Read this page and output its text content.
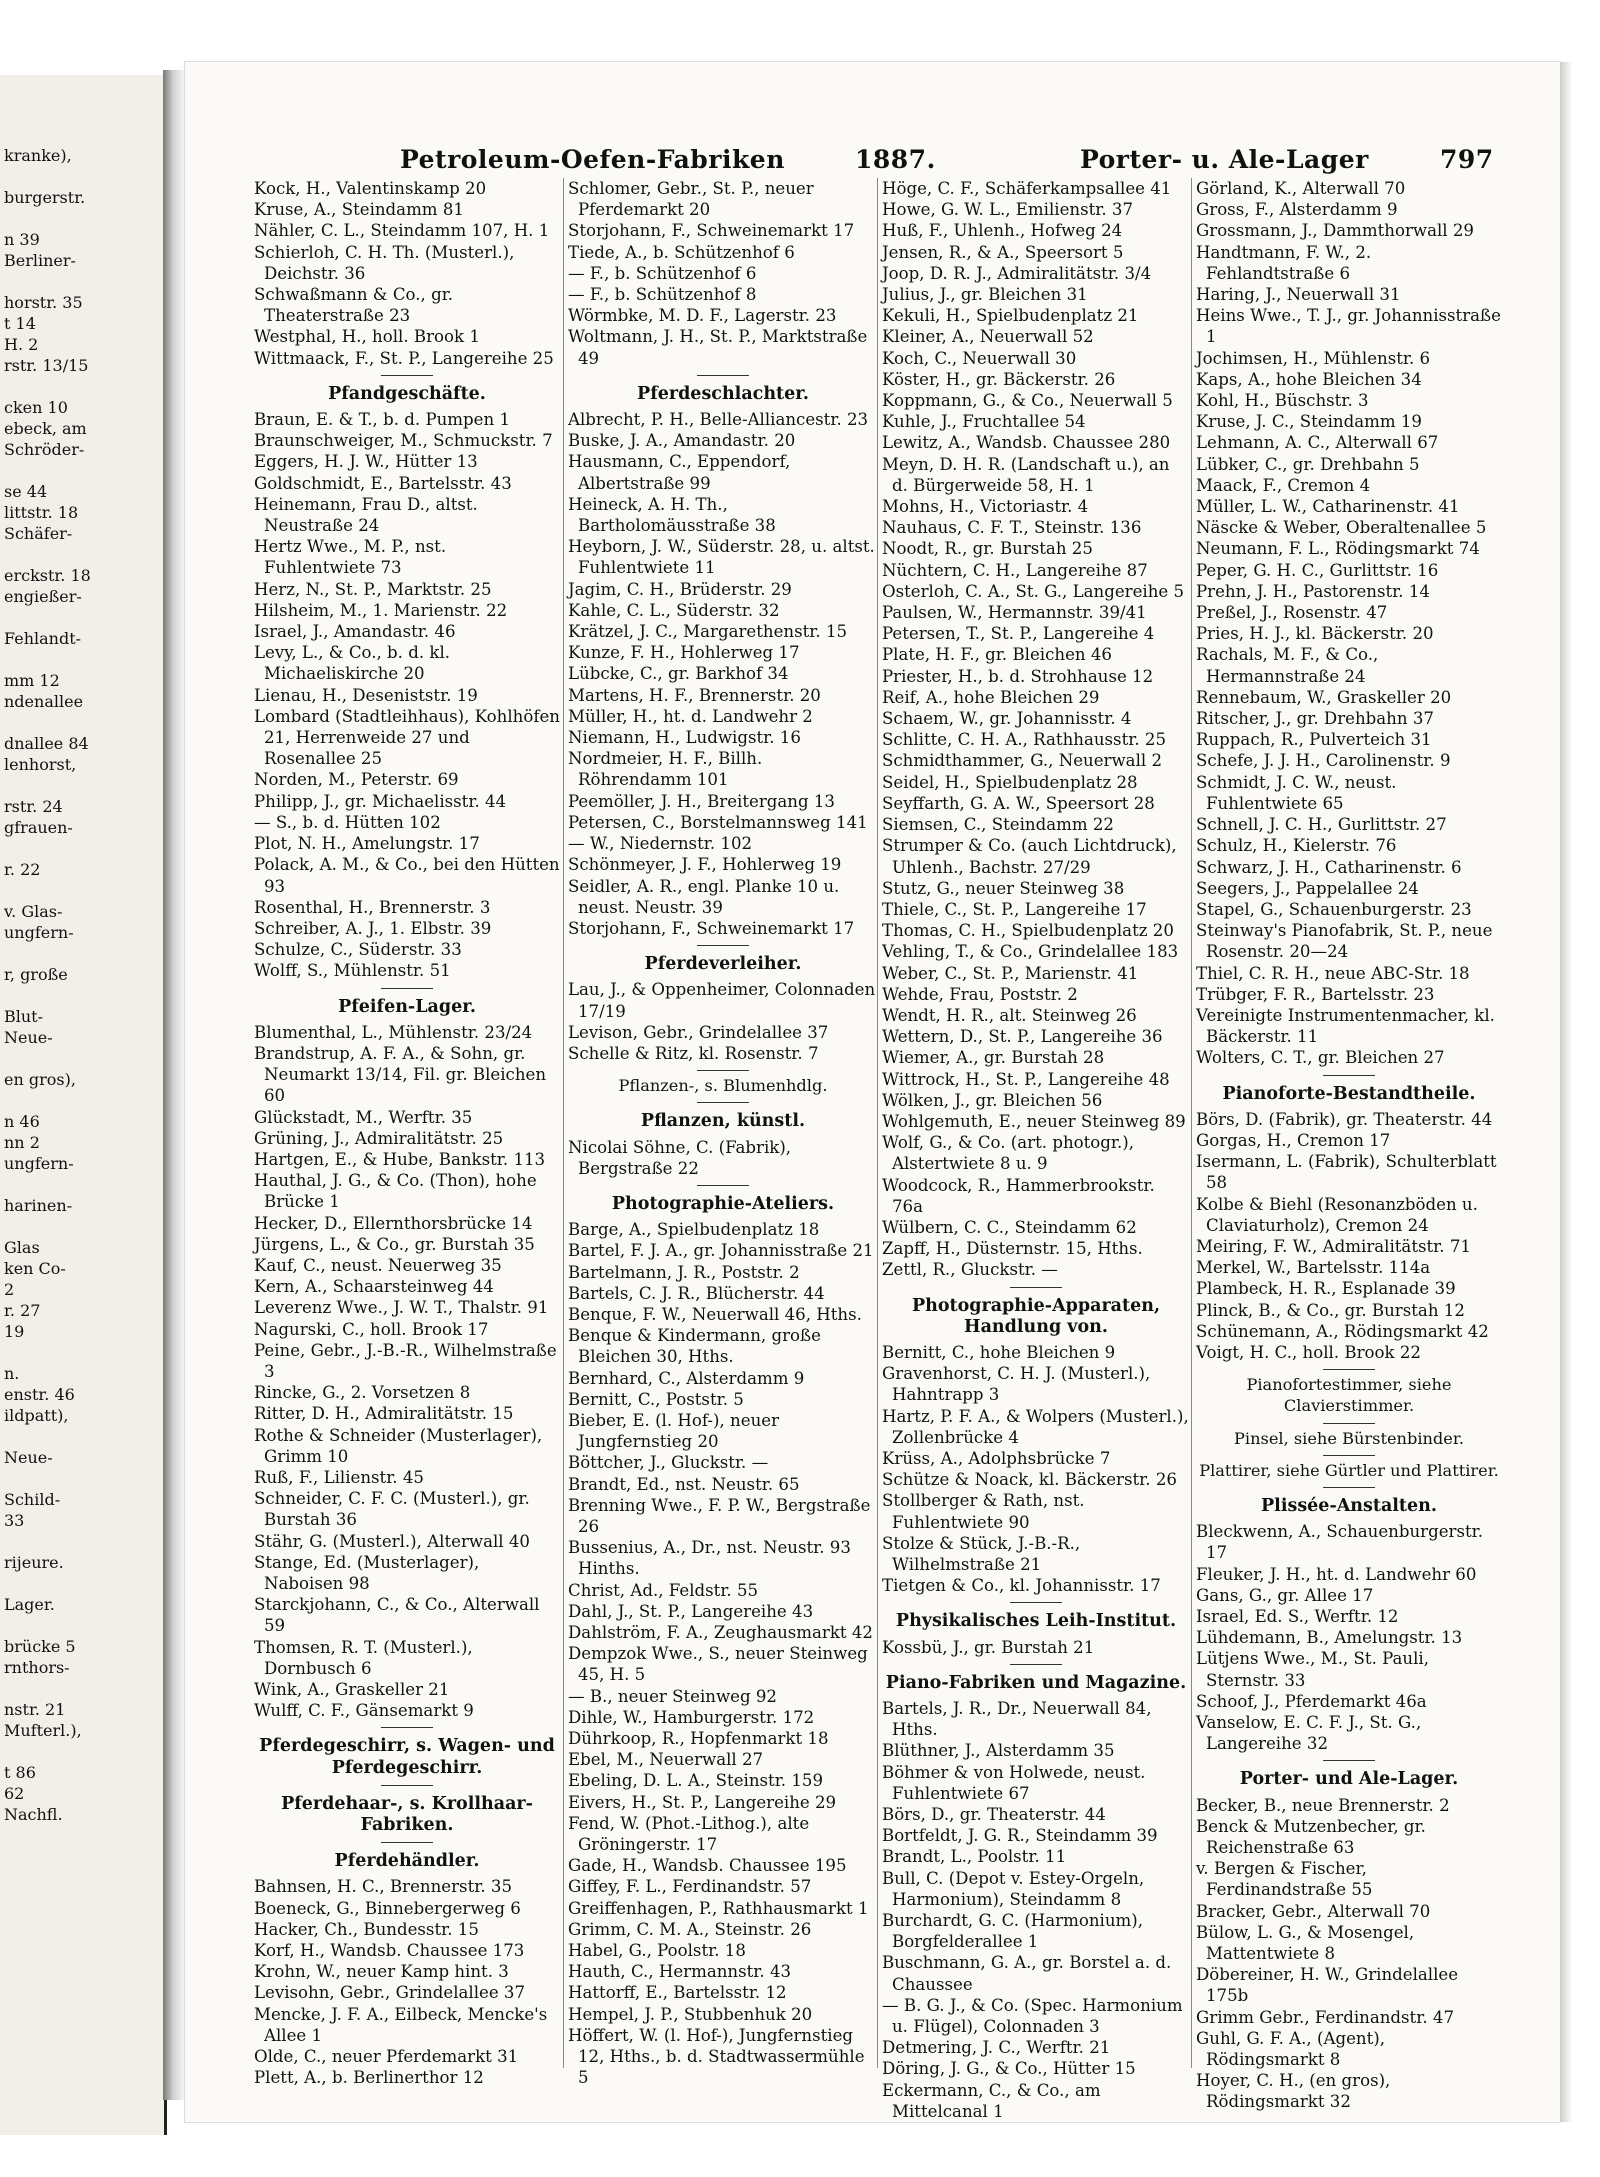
kranke),
burgerstr.
n 39
Berliner-
horstr. 35
t 14
H. 2
rstr. 13/15
cken 10
ebeck, am
Schröder-
se 44
littstr. 18
Schäfer-
erckstr. 18
engießer-
Fehlandt-
mm 12
ndenallee
dnallee 84
lenhorst,
rstr. 24
gfrauen-
r. 22
v. Glas-
ungfern-
r, große
Blut-
Neue-
en gros),
n 46
nn 2
ungfern-
harinen-
Glas
ken Co-
2
r. 27
19
n.
enstr. 46
ildpatt),
Neue-
Schild-
33
rijeure.
Lager.
brücke 5
rnthors-
nstr. 21
Mufterl.),
t 86
62
Nachfl.
Petroleum-Oefen-Fabriken	1887.	Porter- u. Ale-Lager	797
Kock, H., Valentinskamp 20
Kruse, A., Steindamm 81
Nähler, C. L., Steindamm 107, H. 1
Schierloh, C. H. Th. (Musterl.), Deichstr. 36
Schwaßmann & Co., gr. Theaterstraße 23
Westphal, H., holl. Brook 1
Wittmaack, F., St. P., Langereihe 25
Pfandgeschäfte.
Braun, E. & T., b. d. Pumpen 1
Braunschweiger, M., Schmuckstr. 7
Eggers, H. J. W., Hütter 13
Goldschmidt, E., Bartelsstr. 43
Heinemann, Frau D., altst. Neustraße 24
Hertz Wwe., M. P., nst. Fuhlentwiete 73
Herz, N., St. P., Marktstr. 25
Hilsheim, M., 1. Marienstr. 22
Israel, J., Amandastr. 46
Levy, L., & Co., b. d. kl. Michaeliskirche 20
Lienau, H., Deseniststr. 19
Lombard (Stadtleihhaus), Kohlhöfen 21, Herrenweide 27 und Rosenallee 25
Norden, M., Peterstr. 69
Philipp, J., gr. Michaelisstr. 44
— S., b. d. Hütten 102
Plot, N. H., Amelungstr. 17
Polack, A. M., & Co., bei den Hütten 93
Rosenthal, H., Brennerstr. 3
Schreiber, A. J., 1. Elbstr. 39
Schulze, C., Süderstr. 33
Wolff, S., Mühlenstr. 51
Pfeifen-Lager.
Blumenthal, L., Mühlenstr. 23/24
Brandstrup, A. F. A., & Sohn, gr. Neumarkt 13/14, Fil. gr. Bleichen 60
Glückstadt, M., Werftr. 35
Grüning, J., Admiralitätstr. 25
Hartgen, E., & Hube, Bankstr. 113
Hauthal, J. G., & Co. (Thon), hohe Brücke 1
Hecker, D., Ellernthorsbrücke 14
Jürgens, L., & Co., gr. Burstah 35
Kauf, C., neust. Neuerweg 35
Kern, A., Schaarsteinweg 44
Leverenz Wwe., J. W. T., Thalstr. 91
Nagurski, C., holl. Brook 17
Peine, Gebr., J.-B.-R., Wilhelmstraße 3
Rincke, G., 2. Vorsetzen 8
Ritter, D. H., Admiralitätstr. 15
Rothe & Schneider (Musterlager), Grimm 10
Ruß, F., Lilienstr. 45
Schneider, C. F. C. (Musterl.), gr. Burstah 36
Stähr, G. (Musterl.), Alterwall 40
Stange, Ed. (Musterlager), Naboisen 98
Starckjohann, C., & Co., Alterwall 59
Thomsen, R. T. (Musterl.), Dornbusch 6
Wink, A., Graskeller 21
Wulff, C. F., Gänsemarkt 9
Pferdegeschirr, s. Wagen- und Pferdegeschirr.
Pferdehaar-, s. Krollhaar-Fabriken.
Pferdehändler.
Bahnsen, H. C., Brennerstr. 35
Boeneck, G., Binnebergerweg 6
Hacker, Ch., Bundesstr. 15
Korf, H., Wandsb. Chaussee 173
Krohn, W., neuer Kamp hint. 3
Levisohn, Gebr., Grindelallee 37
Mencke, J. F. A., Eilbeck, Mencke's Allee 1
Olde, C., neuer Pferdemarkt 31
Plett, A., b. Berlinerthor 12
Schlomer, Gebr., St. P., neuer Pferdemarkt 20
Storjohann, F., Schweinemarkt 17
Tiede, A., b. Schützenhof 6
— F., b. Schützenhof 6
— F., b. Schützenhof 8
Wörmbke, M. D. F., Lagerstr. 23
Woltmann, J. H., St. P., Marktstraße 49
Pferdeschlachter.
Albrecht, P. H., Belle-Alliancestr. 23
Buske, J. A., Amandastr. 20
Hausmann, C., Eppendorf, Albertstraße 99
Heineck, A. H. Th., Bartholomäusstraße 38
Heyborn, J. W., Süderstr. 28, u. altst. Fuhlentwiete 11
Jagim, C. H., Brüderstr. 29
Kahle, C. L., Süderstr. 32
Krätzel, J. C., Margarethenstr. 15
Kunze, F. H., Hohlerweg 17
Lübcke, C., gr. Barkhof 34
Martens, H. F., Brennerstr. 20
Müller, H., ht. d. Landwehr 2
Niemann, H., Ludwigstr. 16
Nordmeier, H. F., Billh. Röhrendamm 101
Peemöller, J. H., Breitergang 13
Petersen, C., Borstelmannsweg 141
— W., Niedernstr. 102
Schönmeyer, J. F., Hohlerweg 19
Seidler, A. R., engl. Planke 10 u. neust. Neustr. 39
Storjohann, F., Schweinemarkt 17
Pferdeverleiher.
Lau, J., & Oppenheimer, Colonnaden 17/19
Levison, Gebr., Grindelallee 37
Schelle & Ritz, kl. Rosenstr. 7
Pflanzen-, s. Blumenhdlg.
Pflanzen, künstl.
Nicolai Söhne, C. (Fabrik), Bergstraße 22
Photographie-Ateliers.
Barge, A., Spielbudenplatz 18
Bartel, F. J. A., gr. Johannisstraße 21
Bartelmann, J. R., Poststr. 2
Bartels, C. J. R., Blücherstr. 44
Benque, F. W., Neuerwall 46, Hths.
Benque & Kindermann, große Bleichen 30, Hths.
Bernhard, C., Alsterdamm 9
Bernitt, C., Poststr. 5
Bieber, E. (l. Hof-), neuer Jungfernstieg 20
Böttcher, J., Gluckstr. —
Brandt, Ed., nst. Neustr. 65
Brenning Wwe., F. P. W., Bergstraße 26
Bussenius, A., Dr., nst. Neustr. 93 Hinths.
Christ, Ad., Feldstr. 55
Dahl, J., St. P., Langereihe 43
Dahlström, F. A., Zeughausmarkt 42
Dempzok Wwe., S., neuer Steinweg 45, H. 5
— B., neuer Steinweg 92
Dihle, W., Hamburgerstr. 172
Dührkoop, R., Hopfenmarkt 18
Ebel, M., Neuerwall 27
Ebeling, D. L. A., Steinstr. 159
Eivers, H., St. P., Langereihe 29
Fend, W. (Phot.-Lithog.), alte Gröningerstr. 17
Gade, H., Wandsb. Chaussee 195
Giffey, F. L., Ferdinandstr. 57
Greiffenhagen, P., Rathhausmarkt 1
Grimm, C. M. A., Steinstr. 26
Habel, G., Poolstr. 18
Hauth, C., Hermannstr. 43
Hattorff, E., Bartelsstr. 12
Hempel, J. P., Stubbenhuk 20
Höffert, W. (l. Hof-), Jungfernstieg 12, Hths., b. d. Stadtwassermühle 5
Höge, C. F., Schäferkampsallee 41
Howe, G. W. L., Emilienstr. 37
Huß, F., Uhlenh., Hofweg 24
Jensen, R., & A., Speersort 5
Joop, D. R. J., Admiralitätstr. 3/4
Julius, J., gr. Bleichen 31
Kekuli, H., Spielbudenplatz 21
Kleiner, A., Neuerwall 52
Koch, C., Neuerwall 30
Köster, H., gr. Bäckerstr. 26
Koppmann, G., & Co., Neuerwall 5
Kuhle, J., Fruchtallee 54
Lewitz, A., Wandsb. Chaussee 280
Meyn, D. H. R. (Landschaft u.), an d. Bürgerweide 58, H. 1
Mohns, H., Victoriastr. 4
Nauhaus, C. F. T., Steinstr. 136
Noodt, R., gr. Burstah 25
Nüchtern, C. H., Langereihe 87
Osterloh, C. A., St. G., Langereihe 5
Paulsen, W., Hermannstr. 39/41
Petersen, T., St. P., Langereihe 4
Plate, H. F., gr. Bleichen 46
Priester, H., b. d. Strohhause 12
Reif, A., hohe Bleichen 29
Schaem, W., gr. Johannisstr. 4
Schlitte, C. H. A., Rathhausstr. 25
Schmidthammer, G., Neuerwall 2
Seidel, H., Spielbudenplatz 28
Seyffarth, G. A. W., Speersort 28
Siemsen, C., Steindamm 22
Strumper & Co. (auch Lichtdruck), Uhlenh., Bachstr. 27/29
Stutz, G., neuer Steinweg 38
Thiele, C., St. P., Langereihe 17
Thomas, C. H., Spielbudenplatz 20
Vehling, T., & Co., Grindelallee 183
Weber, C., St. P., Marienstr. 41
Wehde, Frau, Poststr. 2
Wendt, H. R., alt. Steinweg 26
Wettern, D., St. P., Langereihe 36
Wiemer, A., gr. Burstah 28
Wittrock, H., St. P., Langereihe 48
Wölken, J., gr. Bleichen 56
Wohlgemuth, E., neuer Steinweg 89
Wolf, G., & Co. (art. photogr.), Alstertwiete 8 u. 9
Woodcock, R., Hammerbrookstr. 76a
Wülbern, C. C., Steindamm 62
Zapff, H., Düsternstr. 15, Hths.
Zettl, R., Gluckstr. —
Photographie-Apparaten, Handlung von.
Bernitt, C., hohe Bleichen 9
Gravenhorst, C. H. J. (Musterl.), Hahntrapp 3
Hartz, P. F. A., & Wolpers (Musterl.), Zollenbrücke 4
Krüss, A., Adolphsbrücke 7
Schütze & Noack, kl. Bäckerstr. 26
Stollberger & Rath, nst. Fuhlentwiete 90
Stolze & Stück, J.-B.-R., Wilhelmstraße 21
Tietgen & Co., kl. Johannisstr. 17
Physikalisches Leih-Institut.
Kossbü, J., gr. Burstah 21
Piano-Fabriken und Magazine.
Bartels, J. R., Dr., Neuerwall 84, Hths.
Blüthner, J., Alsterdamm 35
Böhmer & von Holwede, neust. Fuhlentwiete 67
Börs, D., gr. Theaterstr. 44
Bortfeldt, J. G. R., Steindamm 39
Brandt, L., Poolstr. 11
Bull, C. (Depot v. Estey-Orgeln, Harmonium), Steindamm 8
Burchardt, G. C. (Harmonium), Borgfelderallee 1
Buschmann, G. A., gr. Borstel a. d. Chaussee
— B. G. J., & Co. (Spec. Harmonium u. Flügel), Colonnaden 3
Detmering, J. C., Werftr. 21
Döring, J. G., & Co., Hütter 15
Eckermann, C., & Co., am Mittelcanal 1
Görland, K., Alterwall 70
Gross, F., Alsterdamm 9
Grossmann, J., Dammthorwall 29
Handtmann, F. W., 2. Fehlandtstraße 6
Haring, J., Neuerwall 31
Heins Wwe., T. J., gr. Johannisstraße 1
Jochimsen, H., Mühlenstr. 6
Kaps, A., hohe Bleichen 34
Kohl, H., Büschstr. 3
Kruse, J. C., Steindamm 19
Lehmann, A. C., Alterwall 67
Lübker, C., gr. Drehbahn 5
Maack, F., Cremon 4
Müller, L. W., Catharinenstr. 41
Näscke & Weber, Oberaltenallee 5
Neumann, F. L., Rödingsmarkt 74
Peper, G. H. C., Gurlittstr. 16
Prehn, J. H., Pastorenstr. 14
Preßel, J., Rosenstr. 47
Pries, H. J., kl. Bäckerstr. 20
Rachals, M. F., & Co., Hermannstraße 24
Rennebaum, W., Graskeller 20
Ritscher, J., gr. Drehbahn 37
Ruppach, R., Pulverteich 31
Schefe, J. J. H., Carolinenstr. 9
Schmidt, J. C. W., neust. Fuhlentwiete 65
Schnell, J. C. H., Gurlittstr. 27
Schulz, H., Kielerstr. 76
Schwarz, J. H., Catharinenstr. 6
Seegers, J., Pappelallee 24
Stapel, G., Schauenburgerstr. 23
Steinway's Pianofabrik, St. P., neue Rosenstr. 20—24
Thiel, C. R. H., neue ABC-Str. 18
Trübger, F. R., Bartelsstr. 23
Vereinigte Instrumentenmacher, kl. Bäckerstr. 11
Wolters, C. T., gr. Bleichen 27
Pianoforte-Bestandtheile.
Börs, D. (Fabrik), gr. Theaterstr. 44
Gorgas, H., Cremon 17
Isermann, L. (Fabrik), Schulterblatt 58
Kolbe & Biehl (Resonanzböden u. Claviaturholz), Cremon 24
Meiring, F. W., Admiralitätstr. 71
Merkel, W., Bartelsstr. 114a
Plambeck, H. R., Esplanade 39
Plinck, B., & Co., gr. Burstah 12
Schünemann, A., Rödingsmarkt 42
Voigt, H. C., holl. Brook 22
Pianofortestimmer, siehe Clavierstimmer.
Pinsel, siehe Bürstenbinder.
Plattirer, siehe Gürtler und Plattirer.
Plissée-Anstalten.
Bleckwenn, A., Schauenburgerstr. 17
Fleuker, J. H., ht. d. Landwehr 60
Gans, G., gr. Allee 17
Israel, Ed. S., Werftr. 12
Lühdemann, B., Amelungstr. 13
Lütjens Wwe., M., St. Pauli, Sternstr. 33
Schoof, J., Pferdemarkt 46a
Vanselow, E. C. F. J., St. G., Langereihe 32
Porter- und Ale-Lager.
Becker, B., neue Brennerstr. 2
Benck & Mutzenbecher, gr. Reichenstraße 63
v. Bergen & Fischer, Ferdinandstraße 55
Bracker, Gebr., Alterwall 70
Bülow, L. G., & Mosengel, Mattentwiete 8
Döbereiner, H. W., Grindelallee 175b
Grimm Gebr., Ferdinandstr. 47
Guhl, G. F. A., (Agent), Rödingsmarkt 8
Hoyer, C. H., (en gros), Rödingsmarkt 32
